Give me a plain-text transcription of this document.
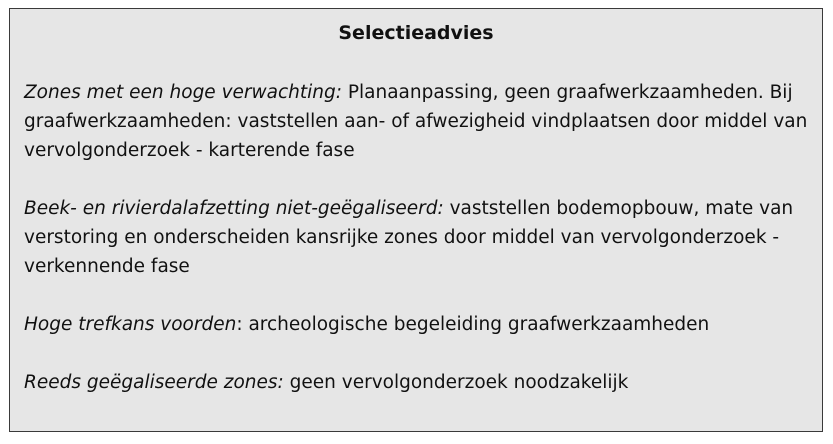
Selectieadvies

Zones met een hoge verwachting: Planaanpassing, geen graafwerkzaamheden. Bij graafwerkzaamheden: vaststellen aan- of afwezigheid vindplaatsen door middel van vervolgonderzoek - karterende fase

Beek- en rivierdalafzetting niet-geëgaliseerd: vaststellen bodemopbouw, mate van verstoring en onderscheiden kansrijke zones door middel van vervolgonderzoek - verkennende fase

Hoge trefkans voorden: archeologische begeleiding graafwerkzaamheden

Reeds geëgaliseerde zones: geen vervolgonderzoek noodzakelijk
